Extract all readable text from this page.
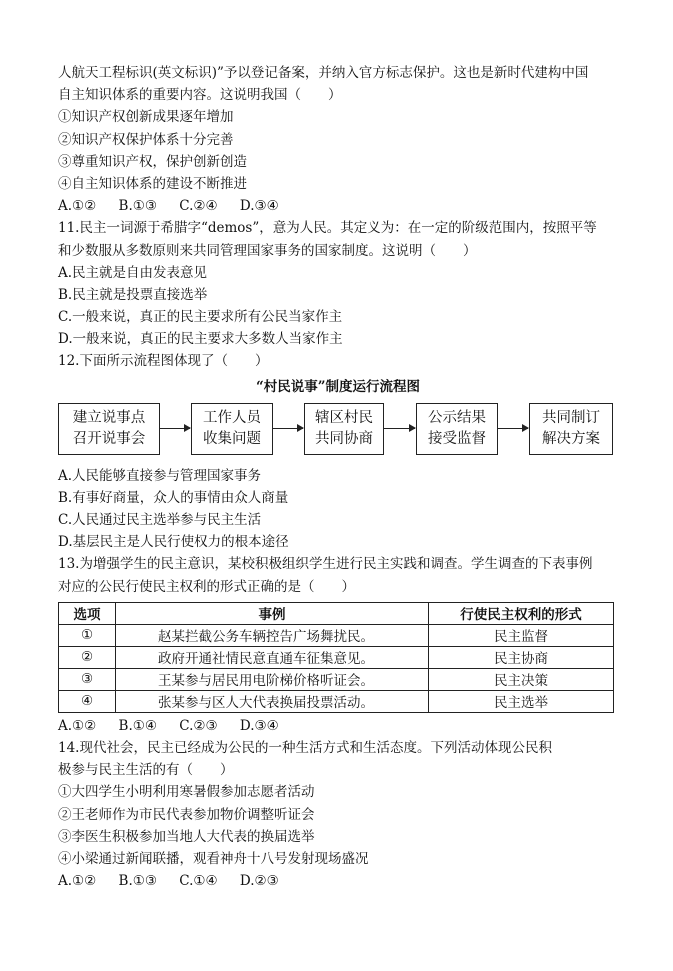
人航天工程标识(英文标识)”予以登记备案，并纳入官方标志保护。这也是新时代建构中国
自主知识体系的重要内容。这说明我国（　　）
①知识产权创新成果逐年增加
②知识产权保护体系十分完善
③尊重知识产权，保护创新创造
④自主知识体系的建设不断推进
A.①② B.①③ C.②④ D.③④
11.民主一词源于希腊字“demos”，意为人民。其定义为：在一定的阶级范围内，按照平等
和少数服从多数原则来共同管理国家事务的国家制度。这说明（　　）
A.民主就是自由发表意见
B.民主就是投票直接选举
C.一般来说，真正的民主要求所有公民当家作主
D.一般来说，真正的民主要求大多数人当家作主
12.下面所示流程图体现了（　　）
“村民说事”制度运行流程图
建立说事点
召开说事会
工作人员
收集问题
辖区村民
共同协商
公示结果
接受监督
共同制订
解决方案
A.人民能够直接参与管理国家事务
B.有事好商量，众人的事情由众人商量
C.人民通过民主选举参与民主生活
D.基层民主是人民行使权力的根本途径
13.为增强学生的民主意识，某校积极组织学生进行民主实践和调查。学生调查的下表事例
对应的公民行使民主权利的形式正确的是（　　）
选项	事例	行使民主权利的形式
①	赵某拦截公务车辆控告广场舞扰民。	民主监督
②	政府开通社情民意直通车征集意见。	民主协商
③	王某参与居民用电阶梯价格听证会。	民主决策
④	张某参与区人大代表换届投票活动。	民主选举
A.①② B.①④ C.②③ D.③④
14.现代社会，民主已经成为公民的一种生活方式和生活态度。下列活动体现公民积
极参与民主生活的有（　　）
①大四学生小明利用寒暑假参加志愿者活动
②王老师作为市民代表参加物价调整听证会
③李医生积极参加当地人大代表的换届选举
④小梁通过新闻联播，观看神舟十八号发射现场盛况
A.①② B.①③ C.①④ D.②③
